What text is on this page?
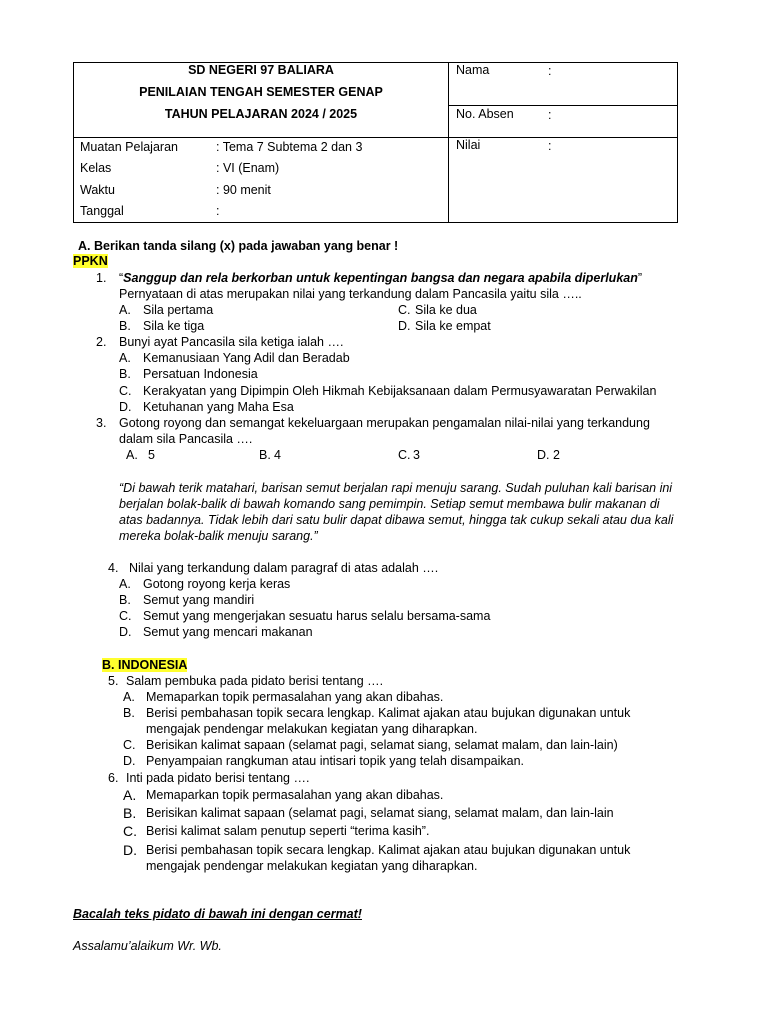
SD NEGERI 97 BALIARA
PENILAIAN TENGAH SEMESTER GENAP
TAHUN PELAJARAN 2024 / 2025
Nama	:
No. Absen	:
Nilai	:
Muatan Pelajaran	: Tema 7 Subtema 2 dan 3
Kelas	: VI (Enam)
Waktu	: 90 menit
Tanggal	:
A. Berikan tanda silang (x) pada jawaban yang benar !
PPKN
1. “Sanggup dan rela berkorban untuk kepentingan bangsa dan negara apabila diperlukan”
Pernyataan di atas merupakan nilai yang terkandung dalam Pancasila yaitu sila …..
A. Sila pertama	C. Sila ke dua
B. Sila ke tiga	D. Sila ke empat
2. Bunyi ayat Pancasila sila ketiga ialah ….
A. Kemanusiaan Yang Adil dan Beradab
B. Persatuan Indonesia
C. Kerakyatan yang Dipimpin Oleh Hikmah Kebijaksanaan dalam Permusyawaratan Perwakilan
D. Ketuhanan yang Maha Esa
3. Gotong royong dan semangat kekeluargaan merupakan pengamalan nilai-nilai yang terkandung
dalam sila Pancasila ….
A. 5	B. 4	C. 3	D. 2
“Di bawah terik matahari, barisan semut berjalan rapi menuju sarang. Sudah puluhan kali barisan ini
berjalan bolak-balik di bawah komando sang pemimpin. Setiap semut membawa bulir makanan di
atas badannya. Tidak lebih dari satu bulir dapat dibawa semut, hingga tak cukup sekali atau dua kali
mereka bolak-balik menuju sarang.”
4. Nilai yang terkandung dalam paragraf di atas adalah ….
A. Gotong royong kerja keras
B. Semut yang mandiri
C. Semut yang mengerjakan sesuatu harus selalu bersama-sama
D. Semut yang mencari makanan
B. INDONESIA
5. Salam pembuka pada pidato berisi tentang ….
A. Memaparkan topik permasalahan yang akan dibahas.
B. Berisi pembahasan topik secara lengkap. Kalimat ajakan atau bujukan digunakan untuk
mengajak pendengar melakukan kegiatan yang diharapkan.
C. Berisikan kalimat sapaan (selamat pagi, selamat siang, selamat malam, dan lain-lain)
D. Penyampaian rangkuman atau intisari topik yang telah disampaikan.
6. Inti pada pidato berisi tentang ….
A. Memaparkan topik permasalahan yang akan dibahas.
B. Berisikan kalimat sapaan (selamat pagi, selamat siang, selamat malam, dan lain-lain
C. Berisi kalimat salam penutup seperti “terima kasih”.
D. Berisi pembahasan topik secara lengkap. Kalimat ajakan atau bujukan digunakan untuk
mengajak pendengar melakukan kegiatan yang diharapkan.
Bacalah teks pidato di bawah ini dengan cermat!
Assalamu’alaikum Wr. Wb.
